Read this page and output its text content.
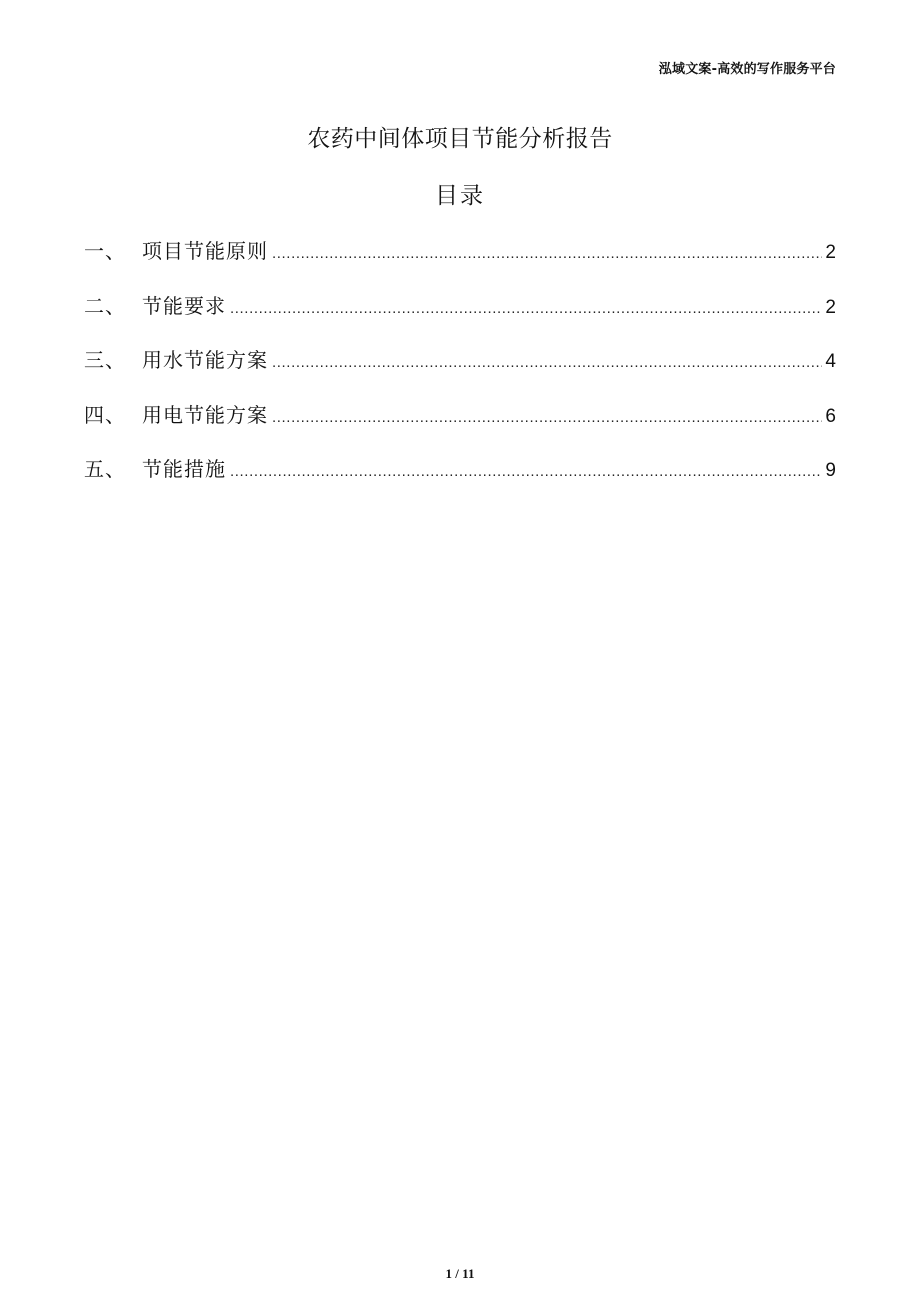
泓域文案-高效的写作服务平台
农药中间体项目节能分析报告
目录
一、 项目节能原则 .....	2
二、 节能要求 .....	2
三、 用水节能方案 .....	4
四、 用电节能方案 .....	6
五、 节能措施 .....	9
1 / 11
